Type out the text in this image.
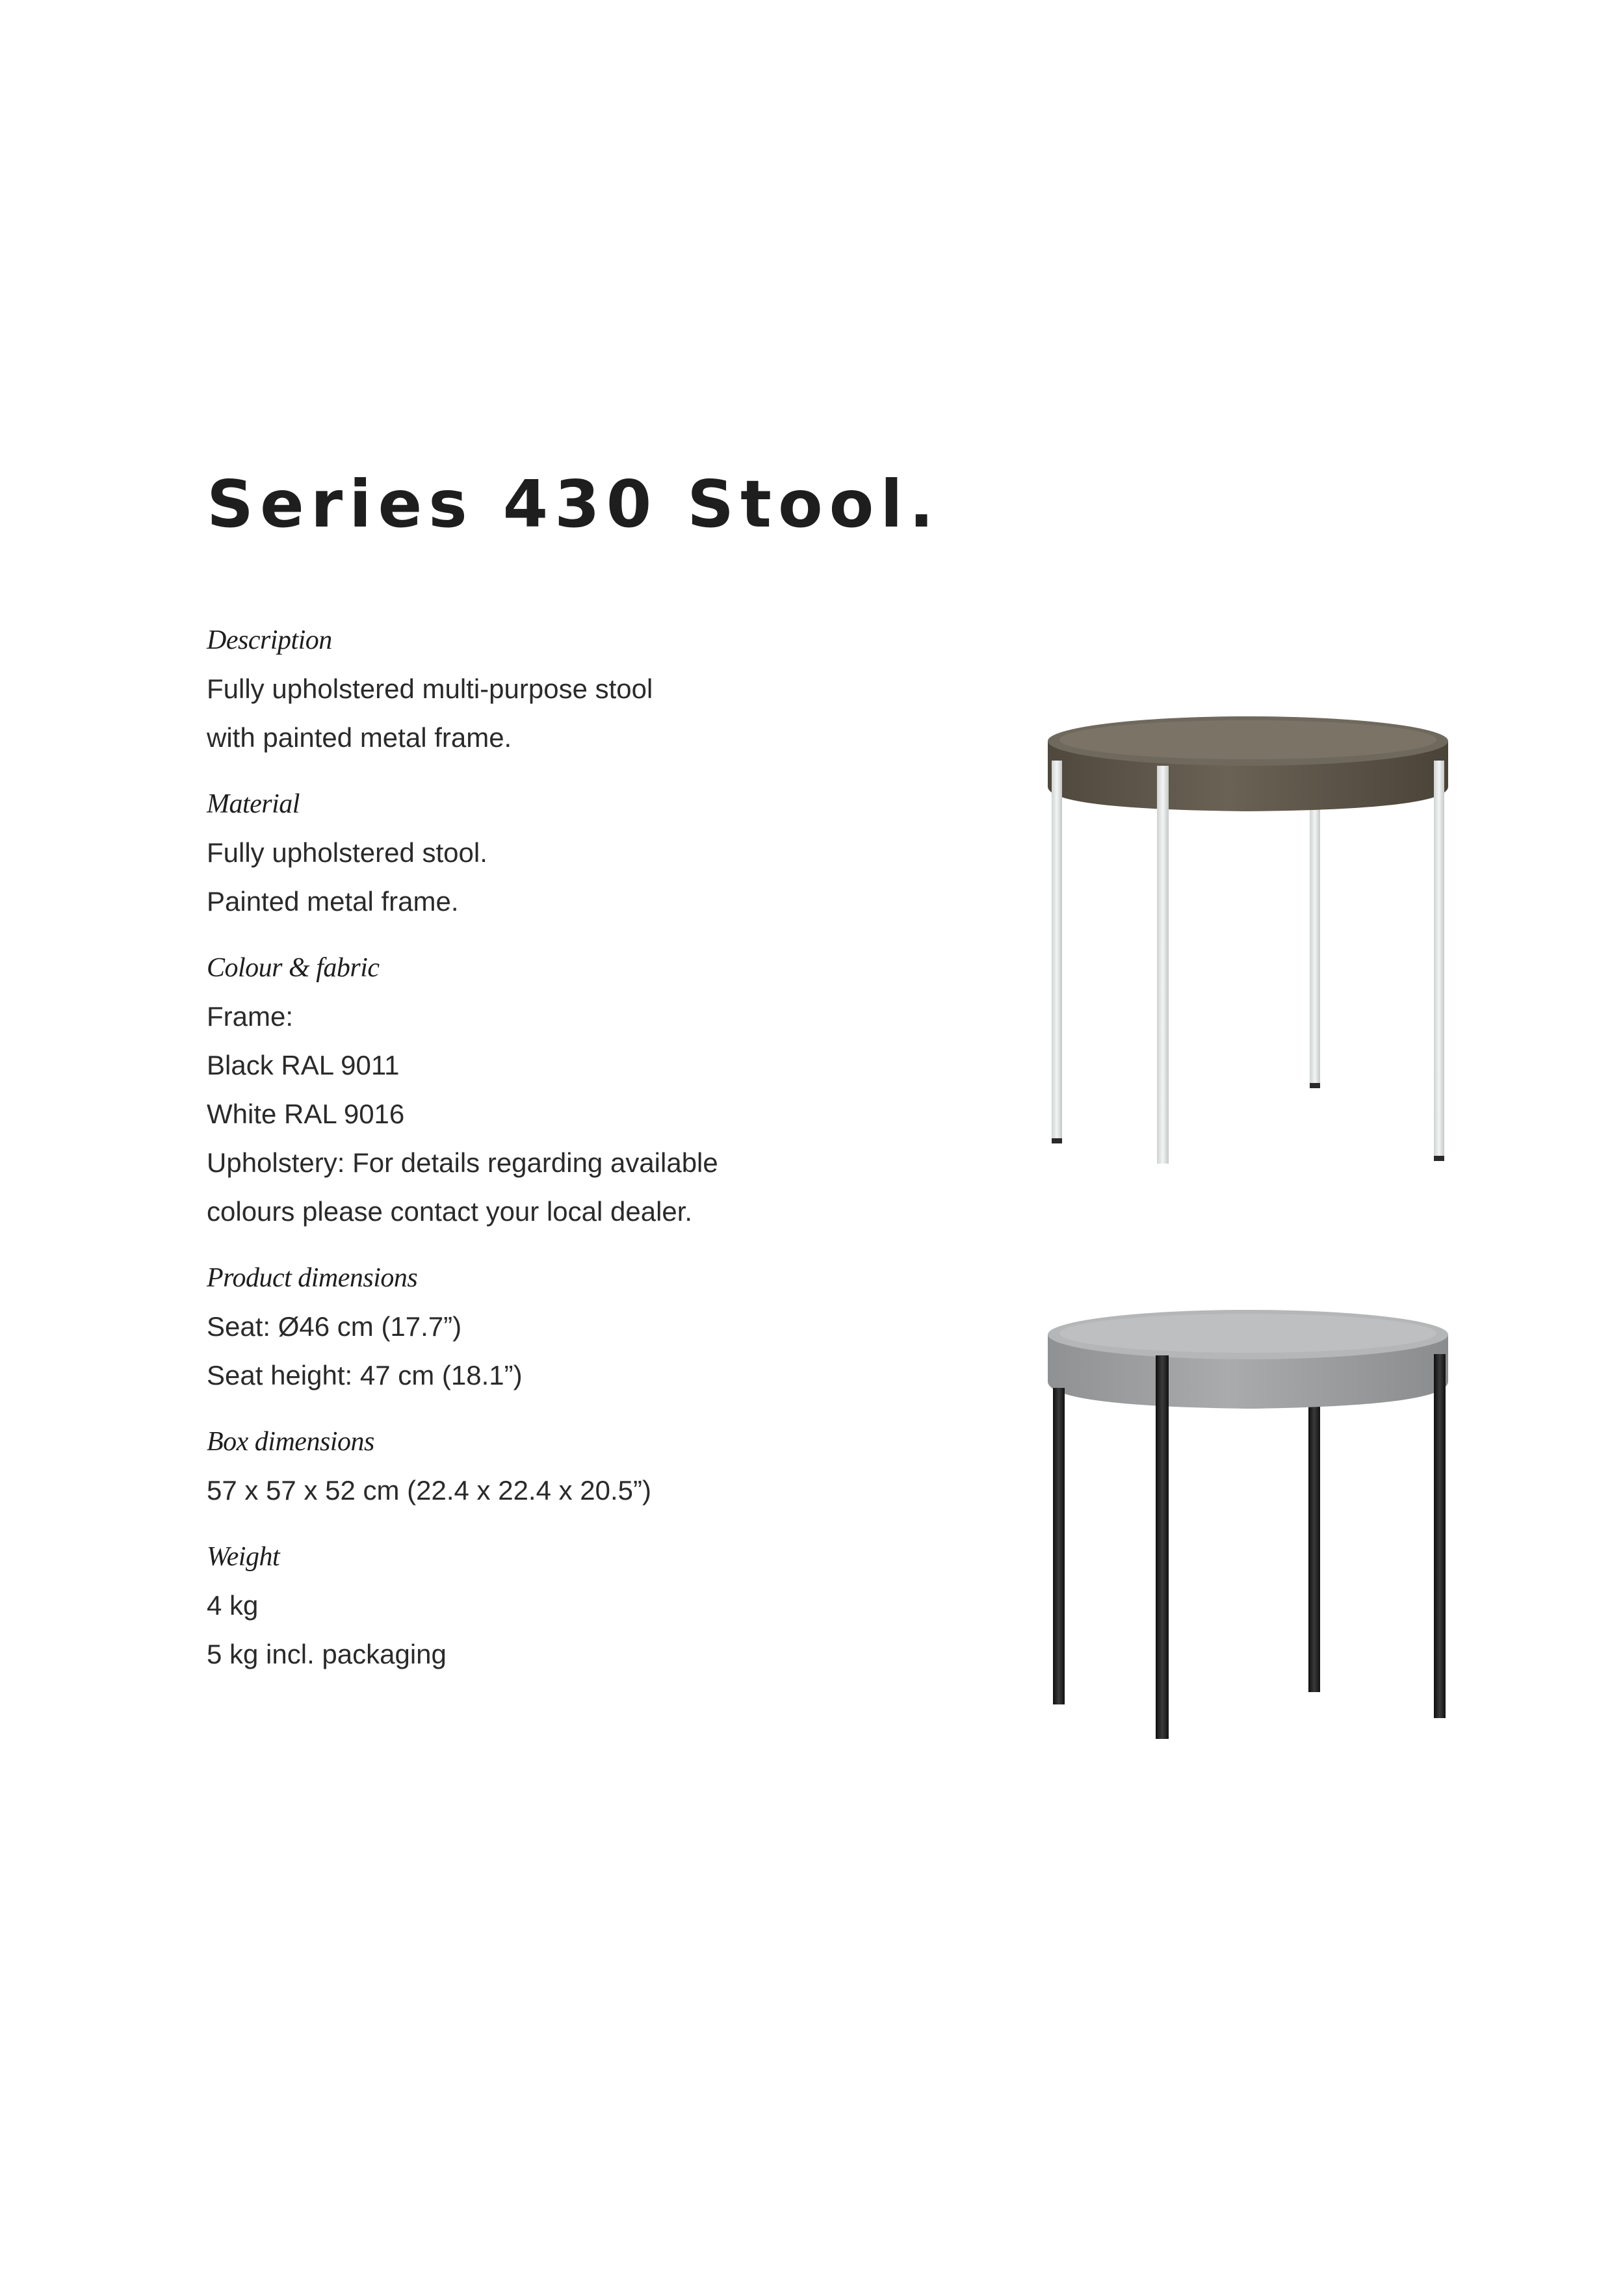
Series 430 Stool.
Description
Fully upholstered multi-purpose stool
with painted metal frame.
Material
Fully upholstered stool.
Painted metal frame.
Colour & fabric
Frame:
Black RAL 9011
White RAL 9016
Upholstery: For details regarding available
colours please contact your local dealer.
Product dimensions
Seat: Ø46 cm (17.7”)
Seat height: 47 cm (18.1”)
Box dimensions
57 x 57 x 52 cm (22.4 x 22.4 x 20.5”)
Weight
4 kg
5 kg incl. packaging
